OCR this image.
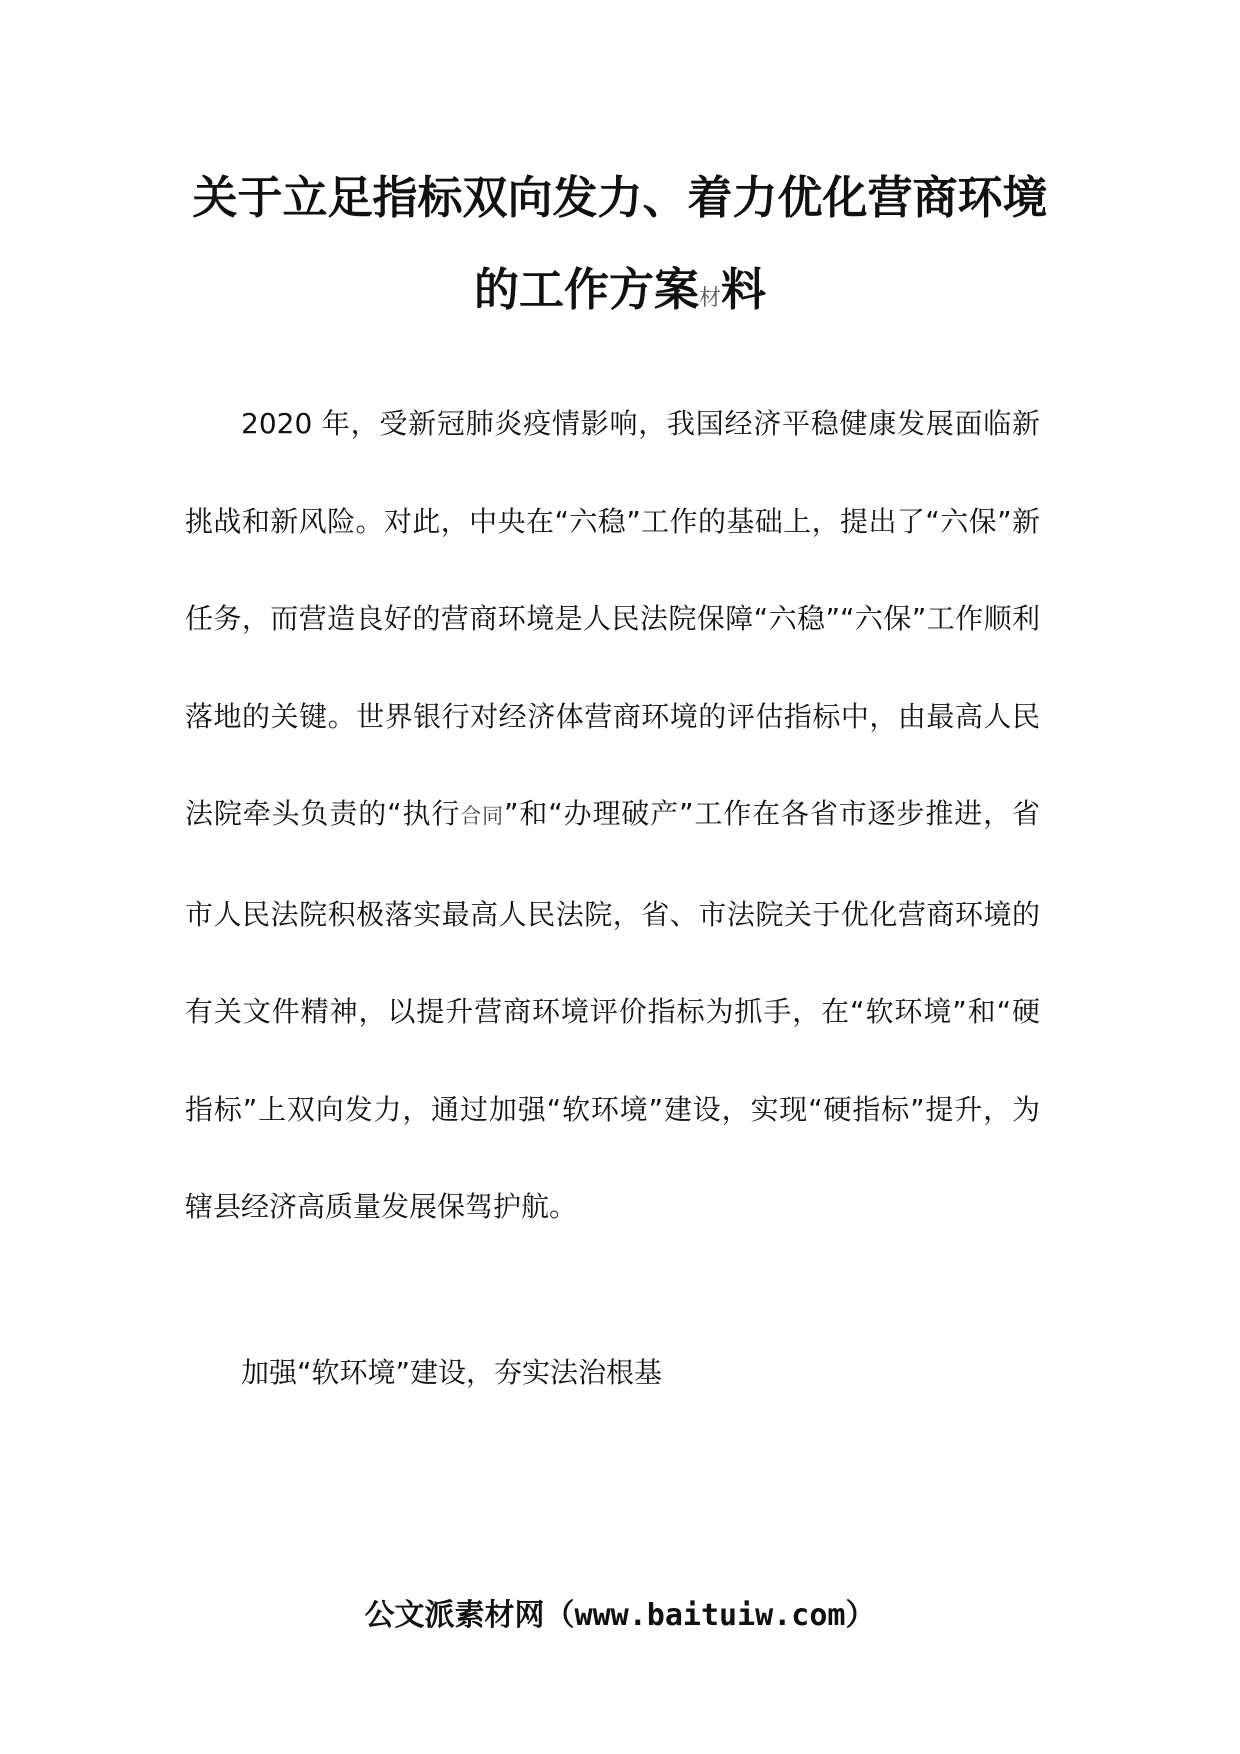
关于立足指标双向发力、着力优化营商环境的工作方案材料

2020 年，受新冠肺炎疫情影响，我国经济平稳健康发展面临新挑战和新风险。对此，中央在“六稳”工作的基础上，提出了“六保”新任务，而营造良好的营商环境是人民法院保障“六稳”“六保”工作顺利落地的关键。世界银行对经济体营商环境的评估指标中，由最高人民法院牵头负责的“执行合同”和“办理破产”工作在各省市逐步推进，省市人民法院积极落实最高人民法院，省、市法院关于优化营商环境的有关文件精神，以提升营商环境评价指标为抓手，在“软环境”和“硬指标”上双向发力，通过加强“软环境”建设，实现“硬指标”提升，为辖县经济高质量发展保驾护航。

加强“软环境”建设，夯实法治根基
公文派素材网（www.baituiw.com）
